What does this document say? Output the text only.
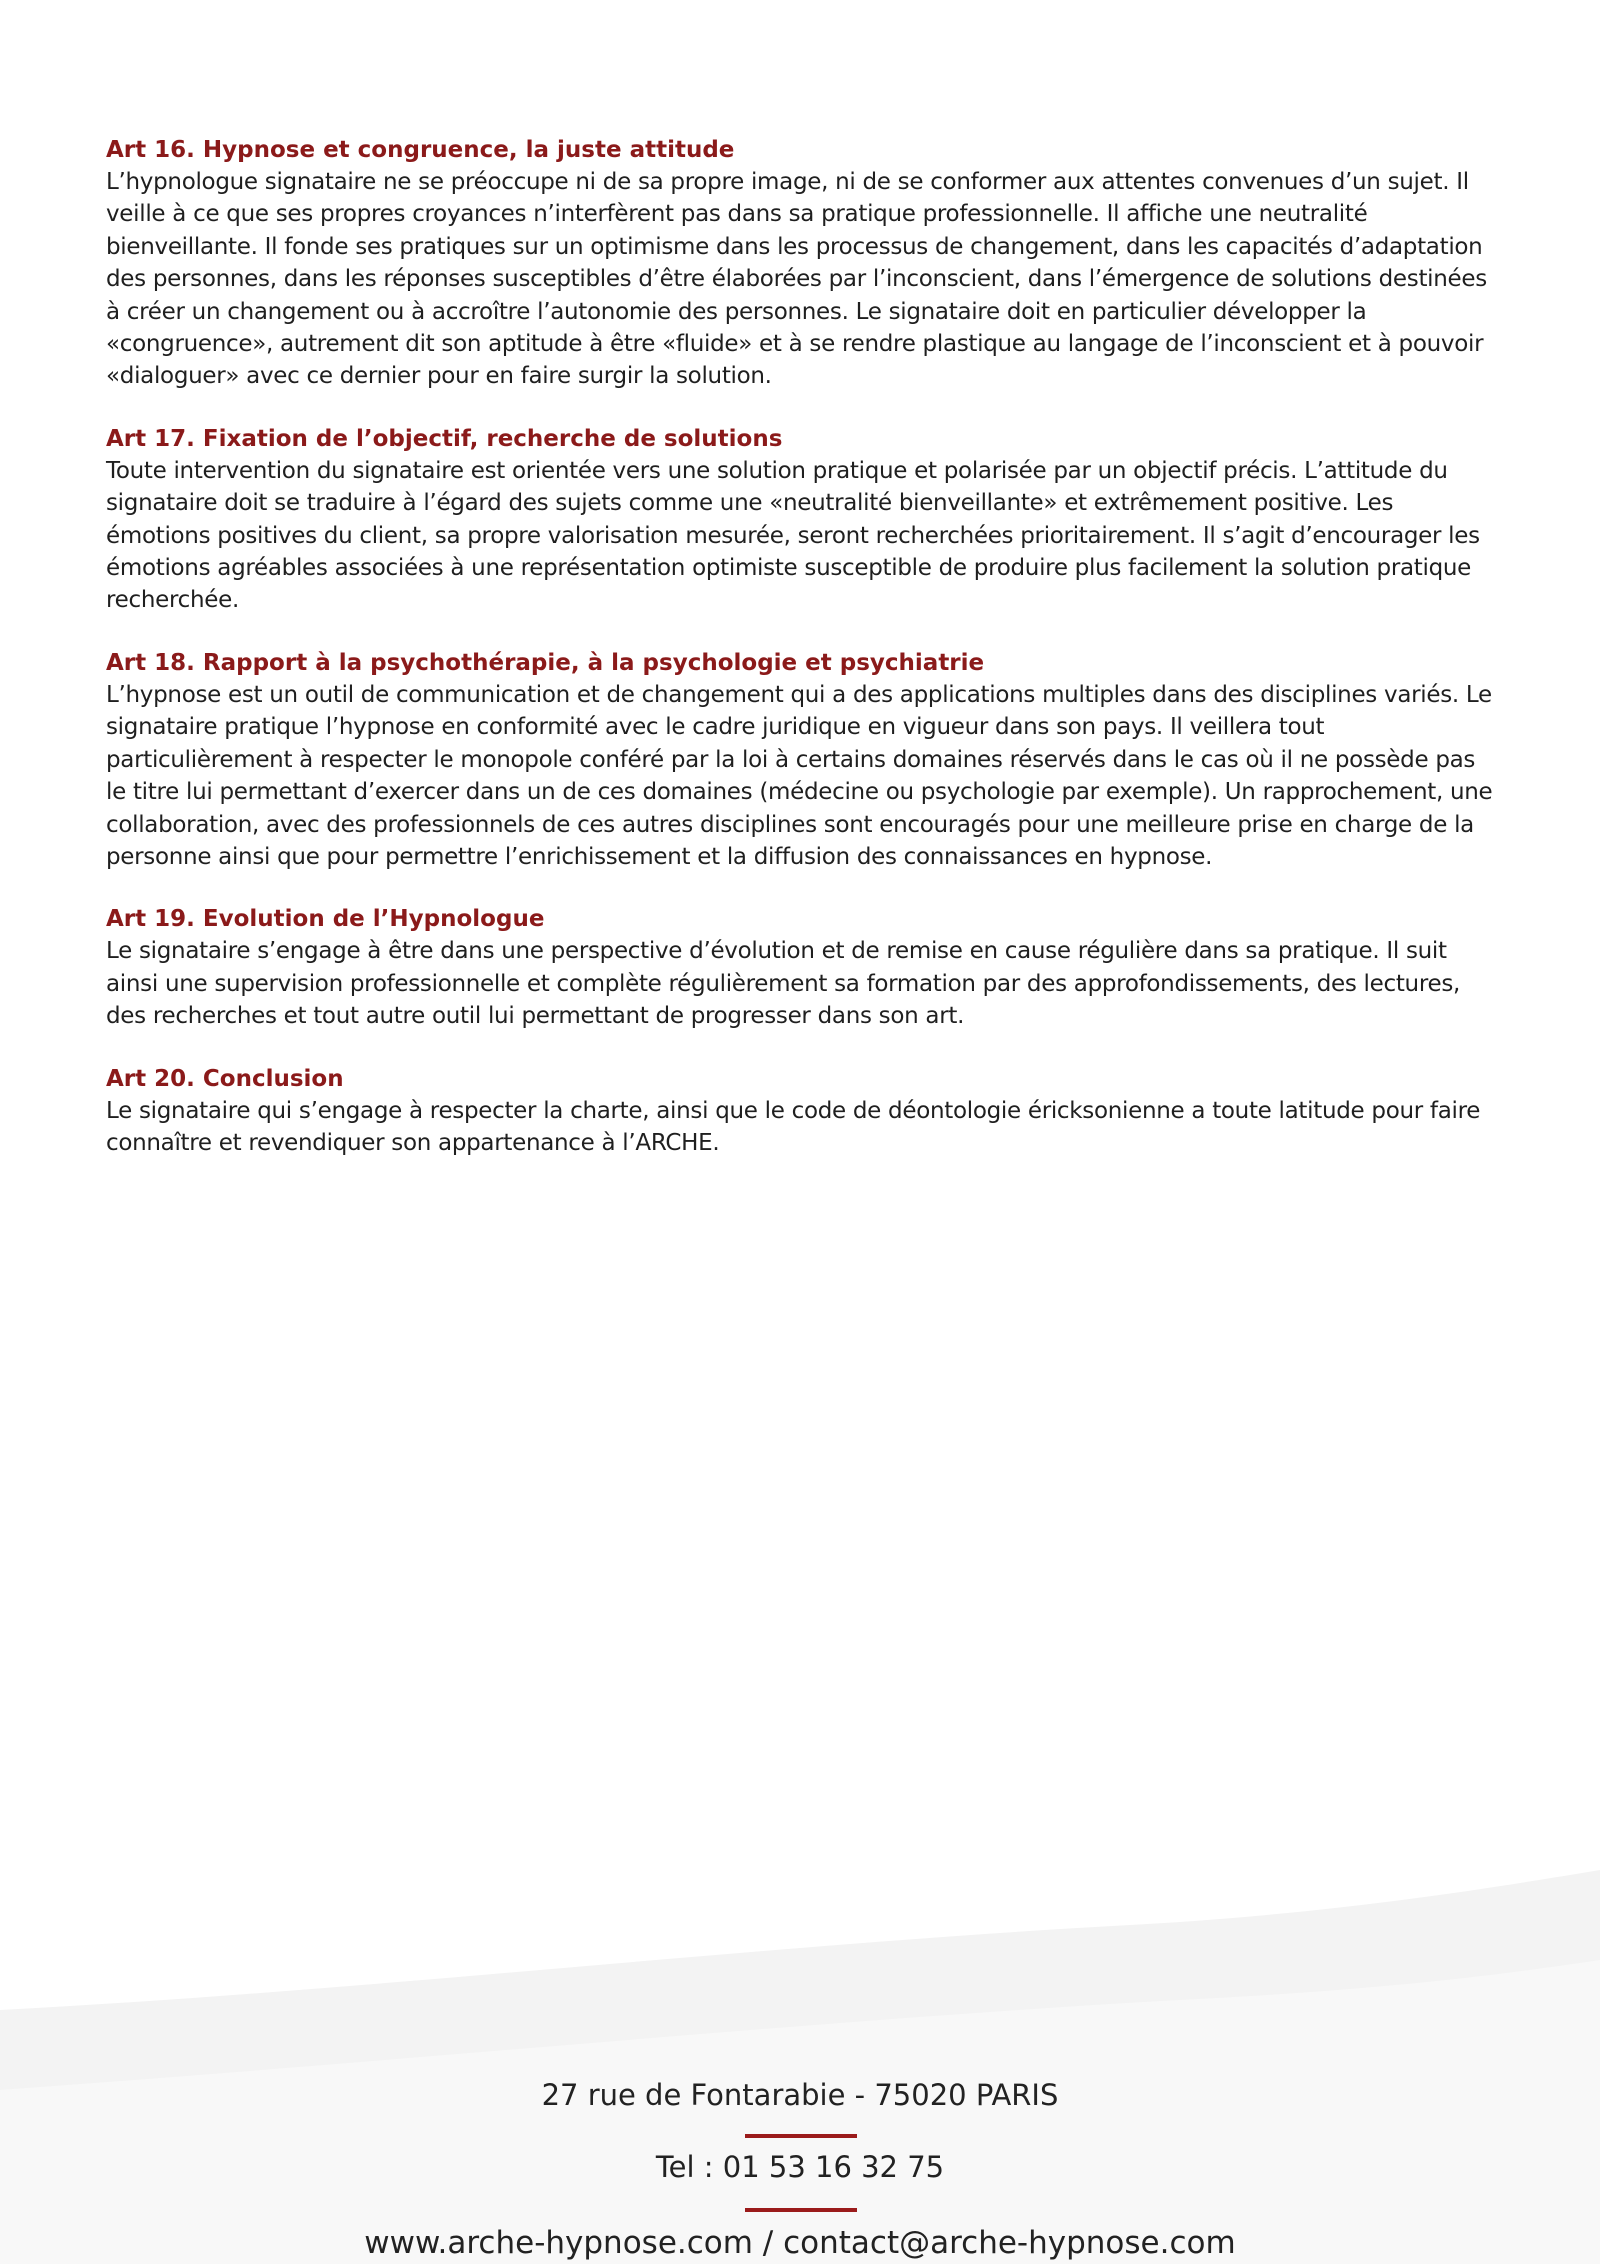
Art 16. Hypnose et congruence, la juste attitude

L’hypnologue signataire ne se préoccupe ni de sa propre image, ni de se conformer aux attentes convenues d’un sujet. Il veille à ce que ses propres croyances n’interfèrent pas dans sa pratique professionnelle. Il affiche une neutralité bienveillante. Il fonde ses pratiques sur un optimisme dans les processus de changement, dans les capacités d’adaptation des personnes, dans les réponses susceptibles d’être élaborées par l’inconscient, dans l’émergence de solutions destinées à créer un changement ou à accroître l’autonomie des personnes. Le signataire doit en particulier développer la «congruence», autrement dit son aptitude à être «fluide» et à se rendre plastique au langage de l’inconscient et à pouvoir «dialoguer» avec ce dernier pour en faire surgir la solution.

Art 17. Fixation de l’objectif, recherche de solutions

Toute intervention du signataire est orientée vers une solution pratique et polarisée par un objectif précis. L’attitude du signataire doit se traduire à l’égard des sujets comme une «neutralité bienveillante» et extrêmement positive. Les émotions positives du client, sa propre valorisation mesurée, seront recherchées prioritairement. Il s’agit d’encourager les émotions agréables associées à une représentation optimiste susceptible de produire plus facilement la solution pratique recherchée.

Art 18. Rapport à la psychothérapie, à la psychologie et psychiatrie

L’hypnose est un outil de communication et de changement qui a des applications multiples dans des disciplines variés. Le signataire pratique l’hypnose en conformité avec le cadre juridique en vigueur dans son pays. Il veillera tout particulièrement à respecter le monopole conféré par la loi à certains domaines réservés dans le cas où il ne possède pas le titre lui permettant d’exercer dans un de ces domaines (médecine ou psychologie par exemple). Un rapprochement, une collaboration, avec des professionnels de ces autres disciplines sont encouragés pour une meilleure prise en charge de la personne ainsi que pour permettre l’enrichissement et la diffusion des connaissances en hypnose.

Art 19. Evolution de l’Hypnologue

Le signataire s’engage à être dans une perspective d’évolution et de remise en cause régulière dans sa pratique. Il suit ainsi une supervision professionnelle et complète régulièrement sa formation par des approfondissements, des lectures, des recherches et tout autre outil lui permettant de progresser dans son art.

Art 20. Conclusion

Le signataire qui s’engage à respecter la charte, ainsi que le code de déontologie éricksonienne a toute latitude pour faire connaître et revendiquer son appartenance à l’ARCHE.

27 rue de Fontarabie - 75020 PARIS
Tel : 01 53 16 32 75
www.arche-hypnose.com / contact@arche-hypnose.com
